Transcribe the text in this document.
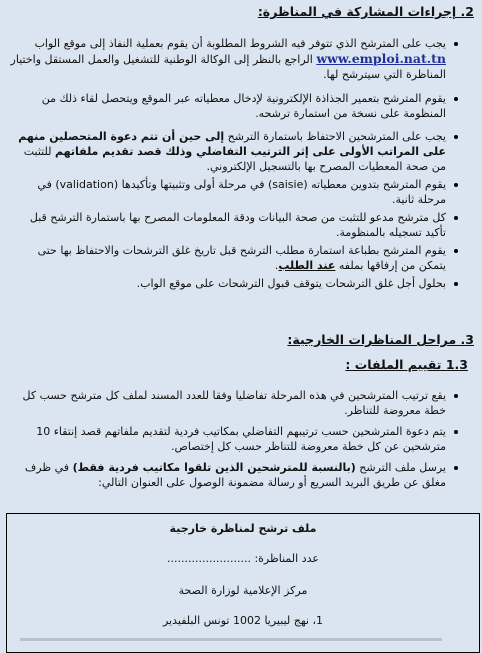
2. إجراءات المشاركة في المناظرة:
يجب على المترشح الذي تتوفر فيه الشروط المطلوبة أن يقوم بعملية النفاذ إلى موقع الواب www.emploi.nat.tn الراجع بالنظر إلى الوكالة الوطنية للتشغيل والعمل المستقل واختيار المناظرة التي سيترشح لها.
يقوم المترشح بتعمير الجذاذة الإلكترونية لإدخال معطياته عبر الموقع ويتحصل لقاء ذلك من المنظومة على نسخة من استمارة ترشحه.
يجب على المترشحين الاحتفاظ باستمارة الترشح إلى حين أن تتم دعوة المتحصلين منهم على المراتب الأولى على إثر الترتيب التفاضلي وذلك قصد تقديم ملفاتهم للتثبت من صحة المعطيات المصرح بها بالتسجيل الإلكتروني.
يقوم المترشح بتدوين معطياته (saisie) في مرحلة أولى وتثبيتها وتأكيدها (validation) في مرحلة ثانية.
كل مترشح مدعو للتثبت من صحة البيانات ودقة المعلومات المصرح بها باستمارة الترشح قبل تأكيد تسجيله بالمنظومة.
يقوم المترشح بطباعة استمارة مطلب الترشح قبل تاريخ غلق الترشحات والاحتفاظ بها حتى يتمكن من إرفاقها بملفه عند الطلب.
بحلول أجل غلق الترشحات يتوقف قبول الترشحات على موقع الواب.
3. مراحل المناظرات الخارجية:
1.3 تقييم الملفات :
يقع ترتيب المترشحين في هذه المرحلة تفاضليا وفقا للعدد المسند لملف كل مترشح حسب كل خطة معروضة للتناظر.
يتم دعوة المترشحين حسب ترتيبهم التفاضلي بمكاتيب فردية لتقديم ملفاتهم قصد إنتقاء 10 مترشحين عن كل خطة معروضة للتناظر حسب كل إختصاص.
يرسل ملف الترشح (بالنسبة للمترشحين الذين تلقوا مكاتيب فردية فقط) في ظرف مغلق عن طريق البريد السريع أو رسالة مضمونة الوصول على العنوان التالي:
ملف ترشح لمناظرة خارجية
عدد المناظرة: ........................
مركز الإعلامية لوزارة الصحة
1، نهج ليبيريا 1002 تونس البلفيدير
